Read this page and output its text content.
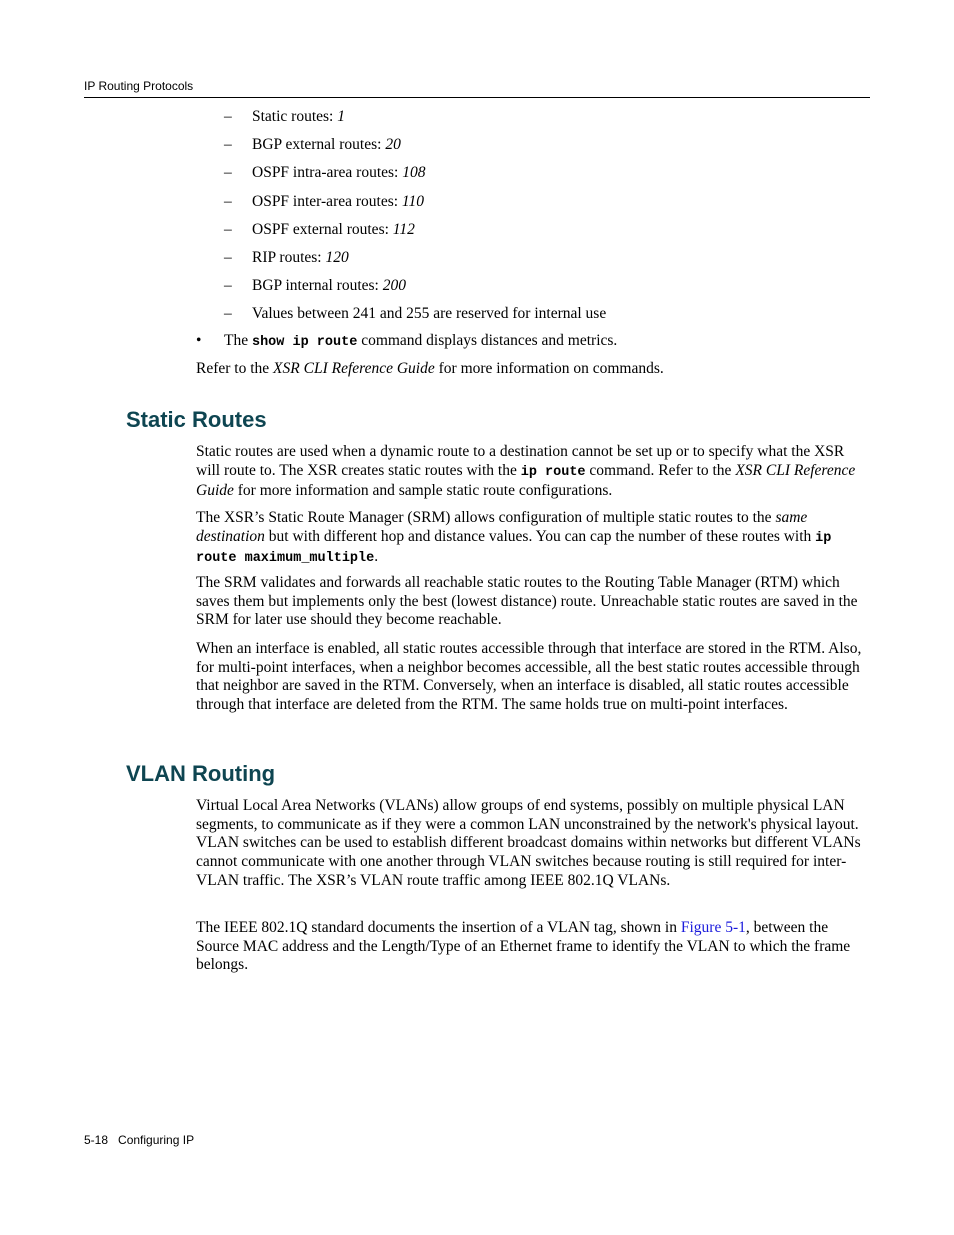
IP Routing Protocols
– Static routes: 1
– BGP external routes: 20
– OSPF intra-area routes: 108
– OSPF inter-area routes: 110
– OSPF external routes: 112
– RIP routes: 120
– BGP internal routes: 200
– Values between 241 and 255 are reserved for internal use
• The show ip route command displays distances and metrics.
Refer to the XSR CLI Reference Guide for more information on commands.
Static Routes

Static routes are used when a dynamic route to a destination cannot be set up or to specify what the XSR will route to. The XSR creates static routes with the ip route command. Refer to the XSR CLI Reference Guide for more information and sample static route configurations.

The XSR’s Static Route Manager (SRM) allows configuration of multiple static routes to the same destination but with different hop and distance values. You can cap the number of these routes with ip route maximum_multiple.

The SRM validates and forwards all reachable static routes to the Routing Table Manager (RTM) which saves them but implements only the best (lowest distance) route. Unreachable static routes are saved in the SRM for later use should they become reachable.

When an interface is enabled, all static routes accessible through that interface are stored in the RTM. Also, for multi-point interfaces, when a neighbor becomes accessible, all the best static routes accessible through that neighbor are saved in the RTM. Conversely, when an interface is disabled, all static routes accessible through that interface are deleted from the RTM. The same holds true on multi-point interfaces.

VLAN Routing

Virtual Local Area Networks (VLANs) allow groups of end systems, possibly on multiple physical LAN segments, to communicate as if they were a common LAN unconstrained by the network's physical layout. VLAN switches can be used to establish different broadcast domains within networks but different VLANs cannot communicate with one another through VLAN switches because routing is still required for inter-VLAN traffic. The XSR’s VLAN route traffic among IEEE 802.1Q VLANs.

The IEEE 802.1Q standard documents the insertion of a VLAN tag, shown in Figure 5-1, between the Source MAC address and the Length/Type of an Ethernet frame to identify the VLAN to which the frame belongs.

5-18 Configuring IP
